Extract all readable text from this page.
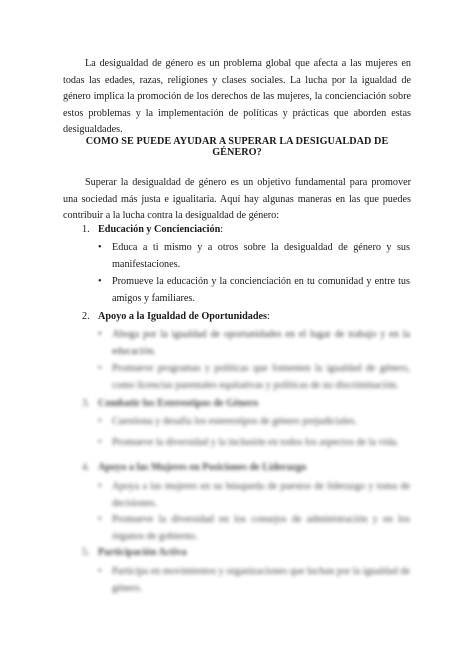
La desigualdad de género es un problema global que afecta a las mujeres en todas las edades, razas, religiones y clases sociales. La lucha por la igualdad de género implica la promoción de los derechos de las mujeres, la concienciación sobre estos problemas y la implementación de políticas y prácticas que aborden estas desigualdades.

COMO SE PUEDE AYUDAR A SUPERAR LA DESIGUALDAD DE GÉNERO?

Superar la desigualdad de género es un objetivo fundamental para promover una sociedad más justa e igualitaria. Aquí hay algunas maneras en las que puedes contribuir a la lucha contra la desigualdad de género:

1. Educación y Concienciación:

• Educa a ti mismo y a otros sobre la desigualdad de género y sus manifestaciones.

• Promueve la educación y la concienciación en tu comunidad y entre tus amigos y familiares.

2. Apoyo a la Igualdad de Oportunidades:

• Aboga por la igualdad de oportunidades en el lugar de trabajo y en la educación.

• Promueve programas y políticas que fomenten la igualdad de género, como licencias parentales equitativas y políticas de no discriminación.

3. Combatir los Estereotipos de Género

• Cuestiona y desafía los estereotipos de género prejudiciales.

• Promueve la diversidad y la inclusión en todos los aspectos de la vida.

4. Apoyo a las Mujeres en Posiciones de Liderazgo

• Apoya a las mujeres en su búsqueda de puestos de liderazgo y toma de decisiones.

• Promueve la diversidad en los consejos de administración y en los órganos de gobierno.

5. Participación Activa

• Participa en movimientos y organizaciones que luchan por la igualdad de género.
